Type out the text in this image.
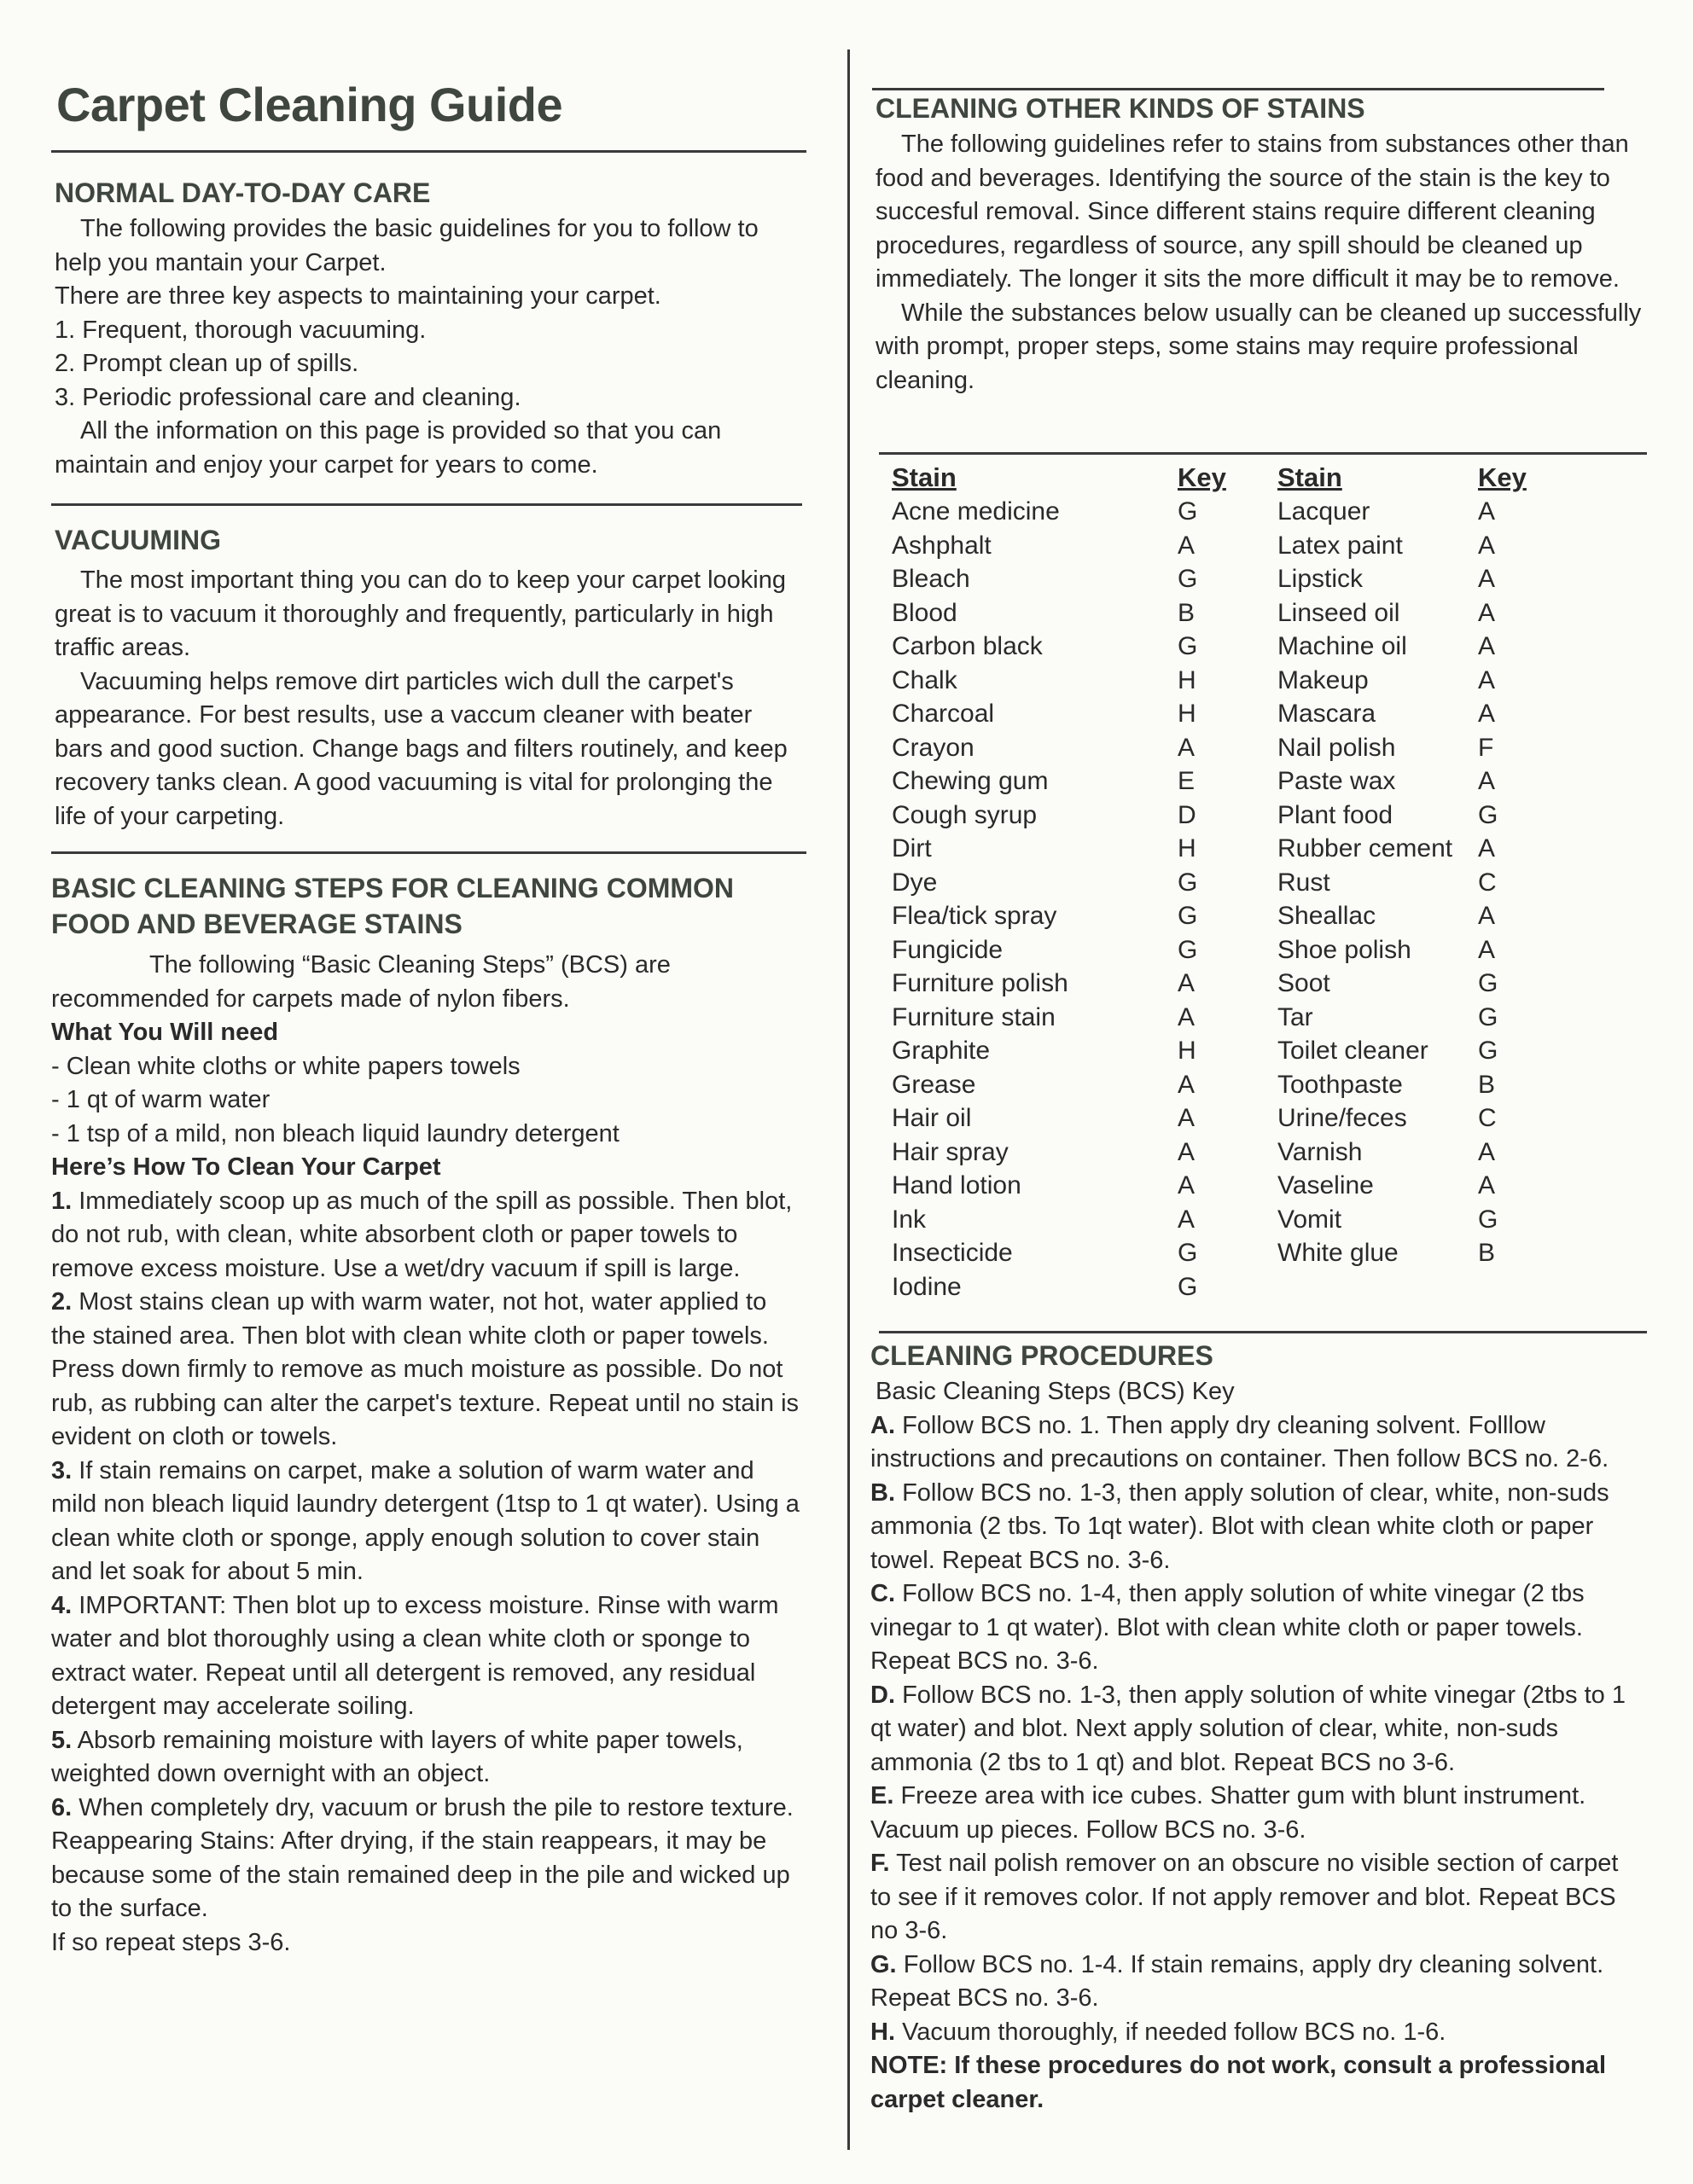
Carpet Cleaning Guide
NORMAL DAY-TO-DAY CARE

The following provides the basic guidelines for you to follow to help you mantain your Carpet.

There are three key aspects to maintaining your carpet.

1. Frequent, thorough vacuuming.
2. Prompt clean up of spills.
3. Periodic professional care and cleaning.

All the information on this page is provided so that you can maintain and enjoy your carpet for years to come.

VACUUMING

The most important thing you can do to keep your carpet looking great is to vacuum it thoroughly and frequently, particularly in high traffic areas.

Vacuuming helps remove dirt particles wich dull the carpet's appearance. For best results, use a vaccum cleaner with beater bars and good suction. Change bags and filters routinely, and keep recovery tanks clean. A good vacuuming is vital for prolonging the life of your carpeting.

BASIC CLEANING STEPS FOR CLEANING COMMON
FOOD AND BEVERAGE STAINS

The following “Basic Cleaning Steps” (BCS) are recommended for carpets made of nylon fibers.

What You Will need

- Clean white cloths or white papers towels
- 1 qt of warm water
- 1 tsp of a mild, non bleach liquid laundry detergent

Here’s How To Clean Your Carpet

1. Immediately scoop up as much of the spill as possible. Then blot, do not rub, with clean, white absorbent cloth or paper towels to remove excess moisture. Use a wet/dry vacuum if spill is large.

2. Most stains clean up with warm water, not hot, water applied to the stained area. Then blot with clean white cloth or paper towels. Press down firmly to remove as much moisture as possible. Do not rub, as rubbing can alter the carpet's texture. Repeat until no stain is evident on cloth or towels.

3. If stain remains on carpet, make a solution of warm water and mild non bleach liquid laundry detergent (1tsp to 1 qt water). Using a clean white cloth or sponge, apply enough solution to cover stain and let soak for about 5 min.

4. IMPORTANT: Then blot up to excess moisture. Rinse with warm water and blot thoroughly using a clean white cloth or sponge to extract water. Repeat until all detergent is removed, any residual detergent may accelerate soiling.

5. Absorb remaining moisture with layers of white paper towels, weighted down overnight with an object.

6. When completely dry, vacuum or brush the pile to restore texture.

Reappearing Stains: After drying, if the stain reappears, it may be because some of the stain remained deep in the pile and wicked up to the surface.

If so repeat steps 3-6.

CLEANING OTHER KINDS OF STAINS

The following guidelines refer to stains from substances other than food and beverages. Identifying the source of the stain is the key to succesful removal. Since different stains require different cleaning procedures, regardless of source, any spill should be cleaned up immediately. The longer it sits the more difficult it may be to remove.

While the substances below usually can be cleaned up successfully with prompt, proper steps, some stains may require professional cleaning.

Stain
Acne medicine
Ashphalt
Bleach
Blood
Carbon black
Chalk
Charcoal
Crayon
Chewing gum
Cough syrup
Dirt
Dye
Flea/tick spray
Fungicide
Furniture polish
Furniture stain
Graphite
Grease
Hair oil
Hair spray
Hand lotion
Ink
Insecticide
Iodine
Key
G
A
G
B
G
H
H
A
E
D
H
G
G
G
A
A
H
A
A
A
A
A
G
G
Stain
Lacquer
Latex paint
Lipstick
Linseed oil
Machine oil
Makeup
Mascara
Nail polish
Paste wax
Plant food
Rubber cement
Rust
Sheallac
Shoe polish
Soot
Tar
Toilet cleaner
Toothpaste
Urine/feces
Varnish
Vaseline
Vomit
White glue
Key
A
A
A
A
A
A
A
F
A
G
A
C
A
A
G
G
G
B
C
A
A
G
B
CLEANING PROCEDURES

Basic Cleaning Steps (BCS) Key

A. Follow BCS no. 1. Then apply dry cleaning solvent. Folllow instructions and precautions on container. Then follow BCS no. 2-6.

B. Follow BCS no. 1-3, then apply solution of clear, white, non-suds ammonia (2 tbs. To 1qt water). Blot with clean white cloth or paper towel. Repeat BCS no. 3-6.

C. Follow BCS no. 1-4, then apply solution of white vinegar (2 tbs vinegar to 1 qt water). Blot with clean white cloth or paper towels. Repeat BCS no. 3-6.

D. Follow BCS no. 1-3, then apply solution of white vinegar (2tbs to 1 qt water) and blot. Next apply solution of clear, white, non-suds ammonia (2 tbs to 1 qt) and blot. Repeat BCS no 3-6.

E. Freeze area with ice cubes. Shatter gum with blunt instrument. Vacuum up pieces. Follow BCS no. 3-6.

F. Test nail polish remover on an obscure no visible section of carpet to see if it removes color. If not apply remover and blot. Repeat BCS no 3-6.

G. Follow BCS no. 1-4. If stain remains, apply dry cleaning solvent. Repeat BCS no. 3-6.

H. Vacuum thoroughly, if needed follow BCS no. 1-6.

NOTE: If these procedures do not work, consult a professional carpet cleaner.
